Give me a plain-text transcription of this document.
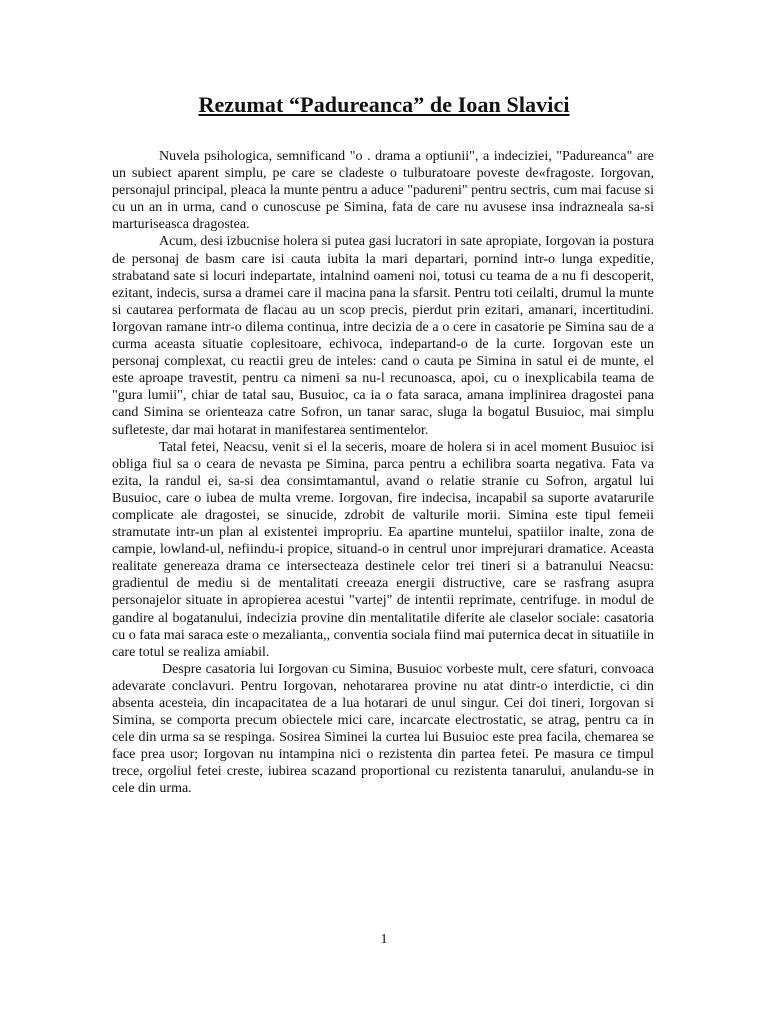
Rezumat “Padureanca” de Ioan Slavici

Nuvela psihologica, semnificand "o . drama a optiunii", a indeciziei, "Padureanca" are un subiect aparent simplu, pe care se cladeste o tulburatoare poveste de«fragoste. Iorgovan, personajul principal, pleaca la munte pentru a aduce "padureni" pentru sectris, cum mai facuse si cu un an in urma, cand o cunoscuse pe Simina, fata de care nu avusese insa indrazneala sa-si marturiseasca dragostea.

Acum, desi izbucnise holera si putea gasi lucratori in sate apropiate, Iorgovan ia postura de personaj de basm care isi cauta iubita la mari departari, pornind intr-o lunga expeditie, strabatand sate si locuri indepartate, intalnind oameni noi, totusi cu teama de a nu fi descoperit, ezitant, indecis, sursa a dramei care il macina pana la sfarsit. Pentru toti ceilalti, drumul la munte si cautarea performata de flacau au un scop precis, pierdut prin ezitari, amanari, incertitudini. Iorgovan ramane intr-o dilema continua, intre decizia de a o cere in casatorie pe Simina sau de a curma aceasta situatie coplesitoare, echivoca, indepartand-o de la curte. Iorgovan este un personaj complexat, cu reactii greu de inteles: cand o cauta pe Simina in satul ei de munte, el este aproape travestit, pentru ca nimeni sa nu-l recunoasca, apoi, cu o inexplicabila teama de "gura lumii", chiar de tatal sau, Busuioc, ca ia o fata saraca, amana implinirea dragostei pana cand Simina se orienteaza catre Sofron, un tanar sarac, sluga la bogatul Busuioc, mai simplu sufleteste, dar mai hotarat in manifestarea sentimentelor.

Tatal fetei, Neacsu, venit si el la seceris, moare de holera si in acel moment Busuioc isi obliga fiul sa o ceara de nevasta pe Simina, parca pentru a echilibra soarta negativa. Fata va ezita, la randul ei, sa-si dea consimtamantul, avand o relatie stranie cu Sofron, argatul lui Busuioc, care o iubea de multa vreme. Iorgovan, fire indecisa, incapabil sa suporte avatarurile complicate ale dragostei, se sinucide, zdrobit de valturile morii. Simina este tipul femeii stramutate intr-un plan al existentei impropriu. Ea apartine muntelui, spatiilor inalte, zona de campie, lowland-ul, nefiindu-i propice, situand-o in centrul unor imprejurari dramatice. Aceasta realitate genereaza drama ce intersecteaza destinele celor trei tineri si a batranului Neacsu: gradientul de mediu si de mentalitati creeaza energii distructive, care se rasfrang asupra personajelor situate in apropierea acestui "vartej" de intentii reprimate, centrifuge. in modul de gandire al bogatanului, indecizia provine din mentalitatile diferite ale claselor sociale: casatoria cu o fata mai saraca este o mezalianta,, conventia sociala fiind mai puternica decat in situatiile in care totul se realiza amiabil.

Despre casatoria lui Iorgovan cu Simina, Busuioc vorbeste mult, cere sfaturi, convoaca adevarate conclavuri. Pentru Iorgovan, nehotararea provine nu atat dintr-o interdictie, ci din absenta acesteia, din incapacitatea de a lua hotarari de unul singur. Cei doi tineri, Iorgovan si Simina, se comporta precum obiectele mici care, incarcate electrostatic, se atrag, pentru ca in cele din urma sa se respinga. Sosirea Siminei la curtea lui Busuioc este prea facila, chemarea se face prea usor; Iorgovan nu intampina nici o rezistenta din partea fetei. Pe masura ce timpul trece, orgoliul fetei creste, iubirea scazand proportional cu rezistenta tanarului, anulandu-se in cele din urma.

1
